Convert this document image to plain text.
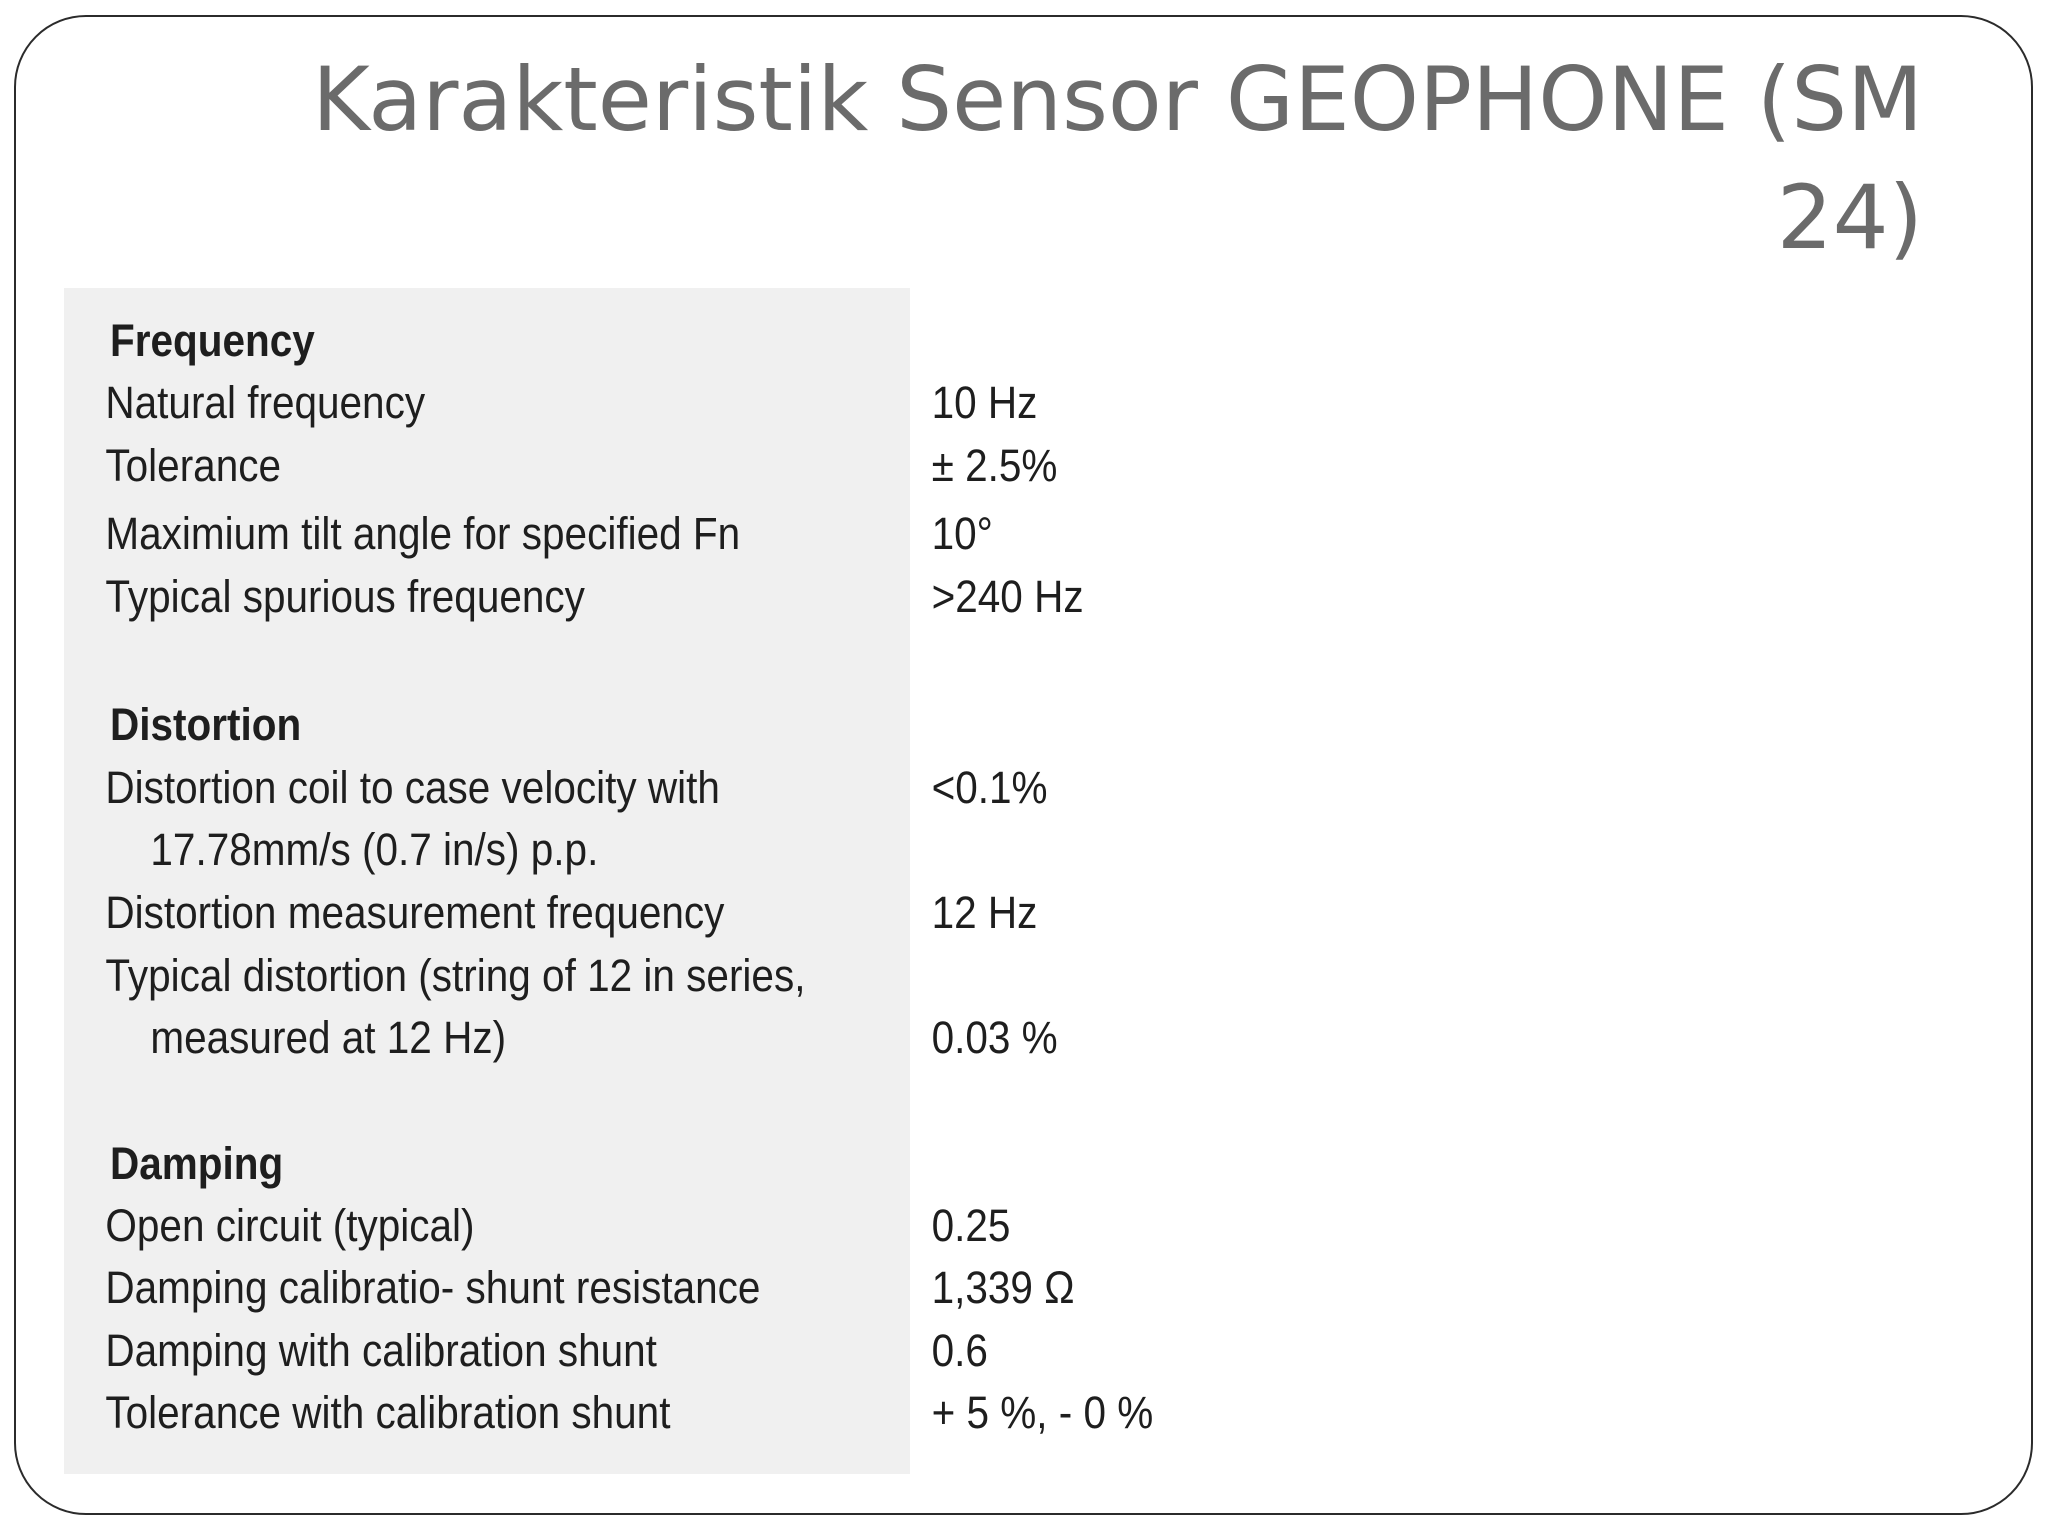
Karakteristik Sensor GEOPHONE (SM
24)
Frequency
Natural frequency	10 Hz
Tolerance	± 2.5%
Maximium tilt angle for specified Fn	10°
Typical spurious frequency	>240 Hz
Distortion
Distortion coil to case velocity with	<0.1%
17.78mm/s (0.7 in/s) p.p.
Distortion measurement frequency	12 Hz
Typical distortion (string of 12 in series,
measured at 12 Hz)	0.03 %
Damping
Open circuit (typical)	0.25
Damping calibratio- shunt resistance	1,339 Ω
Damping with calibration shunt	0.6
Tolerance with calibration shunt	+ 5 %, - 0 %
